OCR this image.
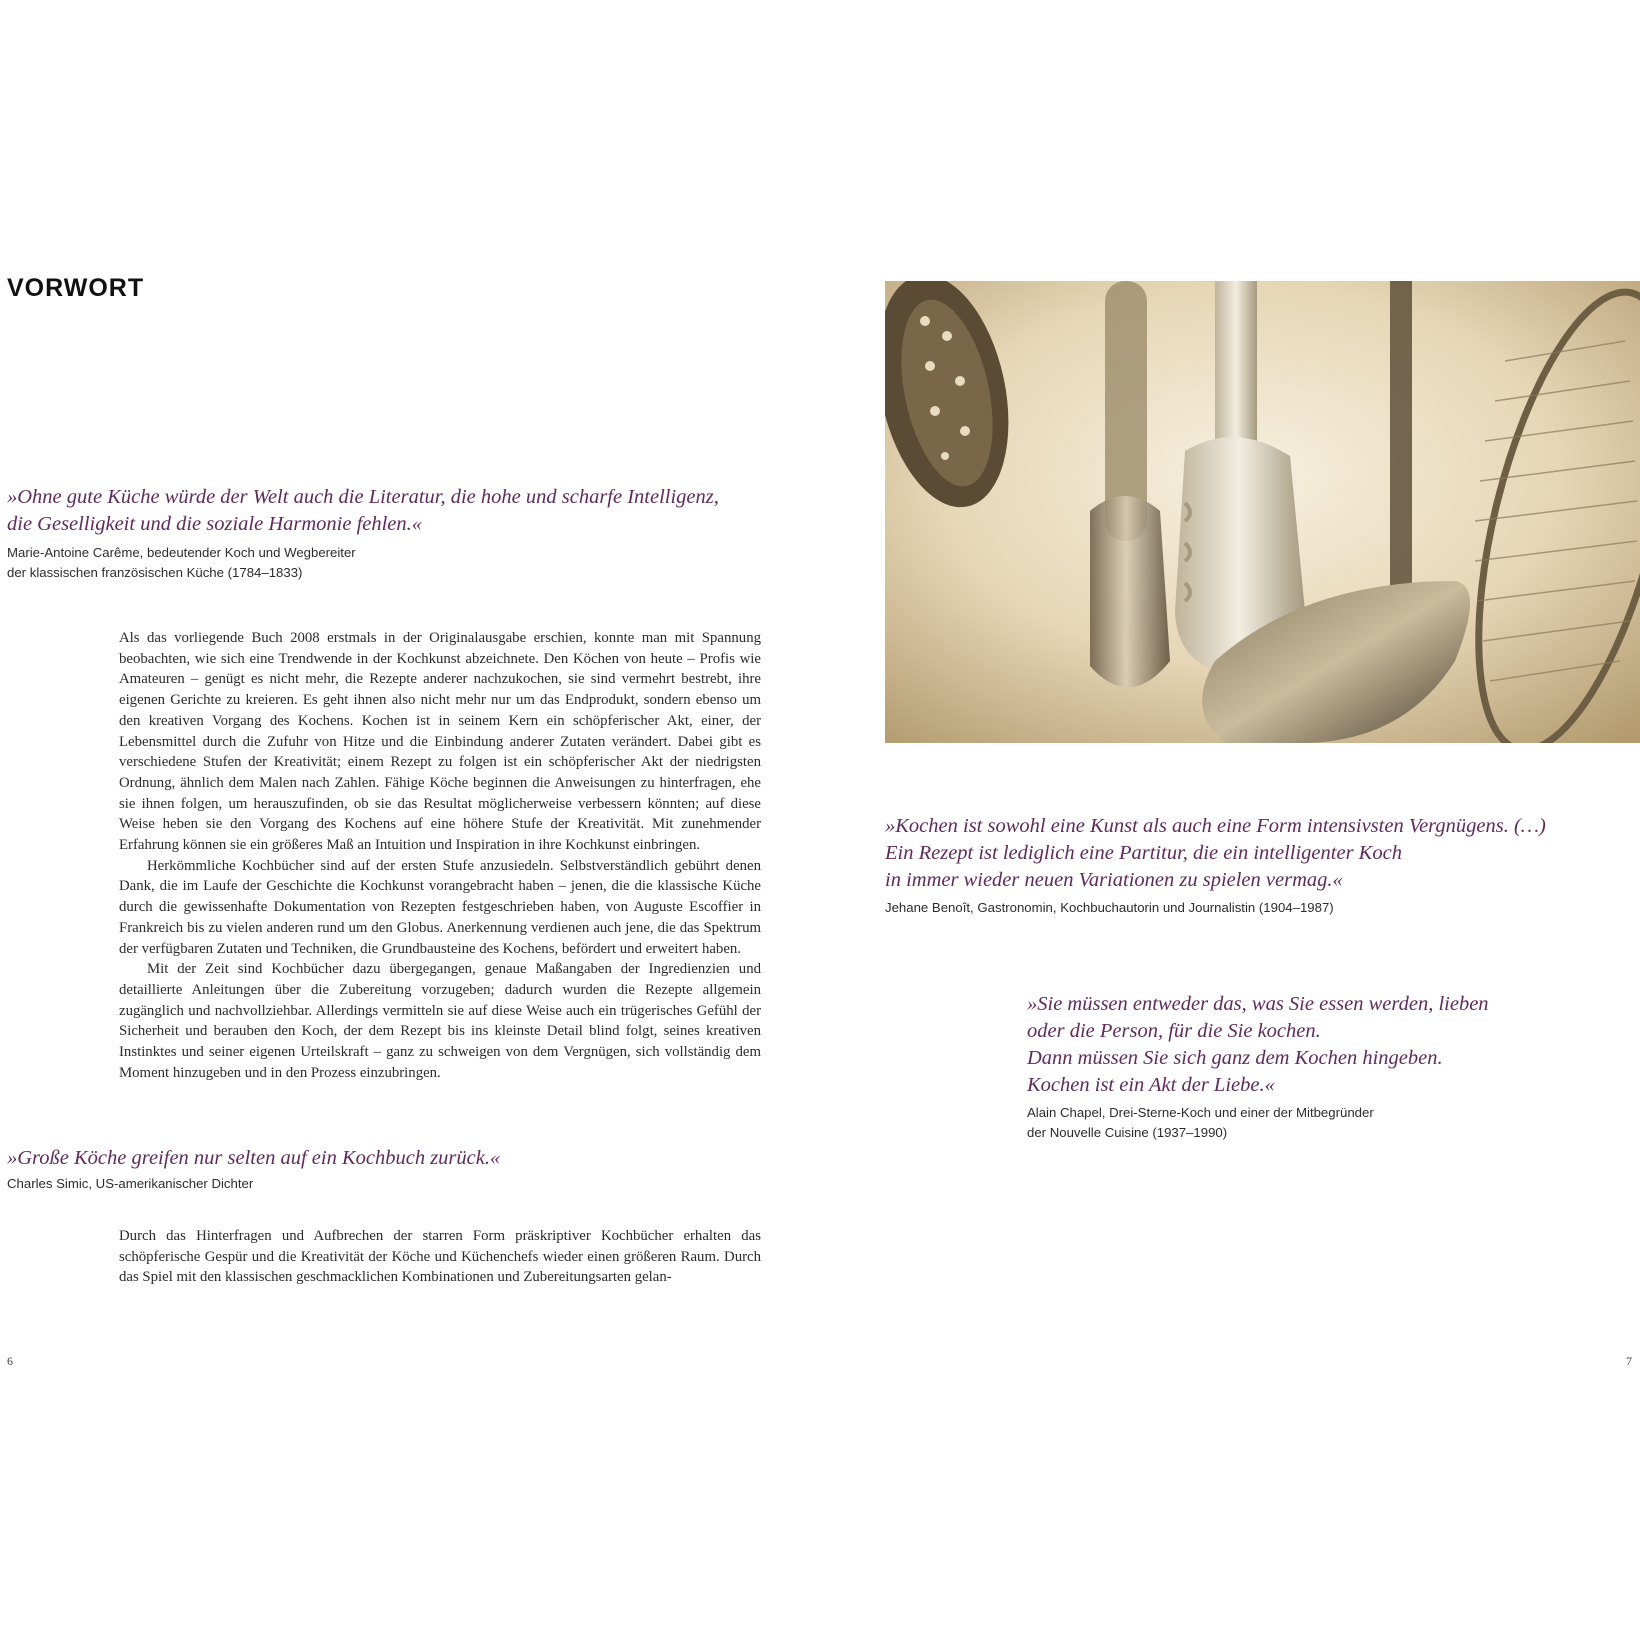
VORWORT

»Ohne gute Küche würde der Welt auch die Literatur, die hohe und scharfe Intelligenz,
die Geselligkeit und die soziale Harmonie fehlen.«

Marie-Antoine Carême, bedeutender Koch und Wegbereiter
der klassischen französischen Küche (1784–1833)

Als das vorliegende Buch 2008 erstmals in der Originalausgabe erschien, konnte man mit Spannung beobachten, wie sich eine Trendwende in der Kochkunst abzeichnete. Den Köchen von heute – Profis wie Amateuren – genügt es nicht mehr, die Rezepte anderer nachzukochen, sie sind vermehrt bestrebt, ihre eigenen Gerichte zu kreieren. Es geht ihnen also nicht mehr nur um das Endprodukt, sondern ebenso um den kreativen Vorgang des Kochens. Kochen ist in seinem Kern ein schöpferischer Akt, einer, der Lebensmittel durch die Zufuhr von Hitze und die Einbindung anderer Zutaten verändert. Dabei gibt es verschiedene Stufen der Kreativität; einem Rezept zu folgen ist ein schöpferischer Akt der niedrigsten Ordnung, ähnlich dem Malen nach Zahlen. Fähige Köche beginnen die Anweisungen zu hinterfragen, ehe sie ihnen folgen, um herauszufinden, ob sie das Resultat möglicherweise verbessern könnten; auf diese Weise heben sie den Vorgang des Kochens auf eine höhere Stufe der Kreativität. Mit zunehmender Erfahrung können sie ein größeres Maß an Intuition und Inspiration in ihre Kochkunst einbringen.

Herkömmliche Kochbücher sind auf der ersten Stufe anzusiedeln. Selbstverständlich gebührt denen Dank, die im Laufe der Geschichte die Kochkunst vorangebracht haben – jenen, die die klassische Küche durch die gewissenhafte Dokumentation von Rezepten festgeschrieben haben, von Auguste Escoffier in Frankreich bis zu vielen anderen rund um den Globus. Anerkennung verdienen auch jene, die das Spektrum der verfügbaren Zutaten und Techniken, die Grundbausteine des Kochens, befördert und erweitert haben.

Mit der Zeit sind Kochbücher dazu übergegangen, genaue Maßangaben der Ingredienzien und detaillierte Anleitungen über die Zubereitung vorzugeben; dadurch wurden die Rezepte allgemein zugänglich und nachvollziehbar. Allerdings vermitteln sie auf diese Weise auch ein trügerisches Gefühl der Sicherheit und berauben den Koch, der dem Rezept bis ins kleinste Detail blind folgt, seines kreativen Instinktes und seiner eigenen Urteilskraft – ganz zu schweigen von dem Vergnügen, sich vollständig dem Moment hinzugeben und in den Prozess einzubringen.

»Große Köche greifen nur selten auf ein Kochbuch zurück.«

Charles Simic, US-amerikanischer Dichter

Durch das Hinterfragen und Aufbrechen der starren Form präskriptiver Kochbücher erhalten das schöpferische Gespür und die Kreativität der Köche und Küchenchefs wieder einen größeren Raum. Durch das Spiel mit den klassischen geschmacklichen Kombinationen und Zubereitungsarten gelan-

6

»Kochen ist sowohl eine Kunst als auch eine Form intensivsten Vergnügens. (…)
Ein Rezept ist lediglich eine Partitur, die ein intelligenter Koch
in immer wieder neuen Variationen zu spielen vermag.«

Jehane Benoît, Gastronomin, Kochbuchautorin und Journalistin (1904–1987)

»Sie müssen entweder das, was Sie essen werden, lieben
oder die Person, für die Sie kochen.
Dann müssen Sie sich ganz dem Kochen hingeben.
Kochen ist ein Akt der Liebe.«

Alain Chapel, Drei-Sterne-Koch und einer der Mitbegründer
der Nouvelle Cuisine (1937–1990)

7
